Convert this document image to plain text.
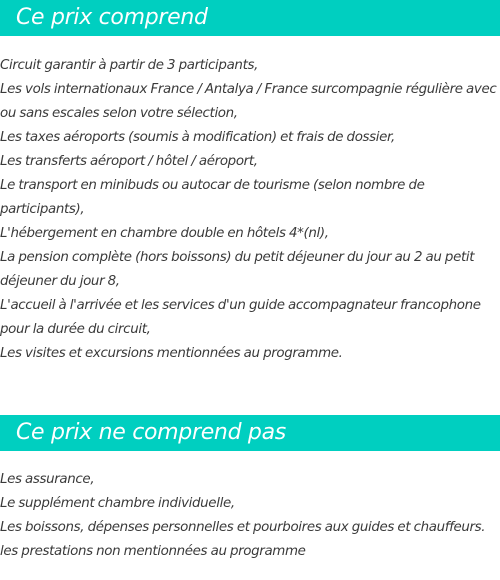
Ce prix comprend
Circuit garantir à partir de 3 participants,
Les vols internationaux France / Antalya / France surcompagnie régulière avec ou sans escales selon votre sélection,
Les taxes aéroports (soumis à modification) et frais de dossier,
Les transferts aéroport / hôtel / aéroport,
Le transport en minibuds ou autocar de tourisme (selon nombre de participants),
L'hébergement en chambre double en hôtels 4*(nl),
La pension complète (hors boissons) du petit déjeuner du jour au 2 au petit déjeuner du jour 8,
L'accueil à l'arrivée et les services d'un guide accompagnateur francophone pour la durée du circuit,
Les visites et excursions mentionnées au programme.
Ce prix ne comprend pas
Les assurance,
Le supplément chambre individuelle,
Les boissons, dépenses personnelles et pourboires aux guides et chauffeurs.
les prestations non mentionnées au programme
